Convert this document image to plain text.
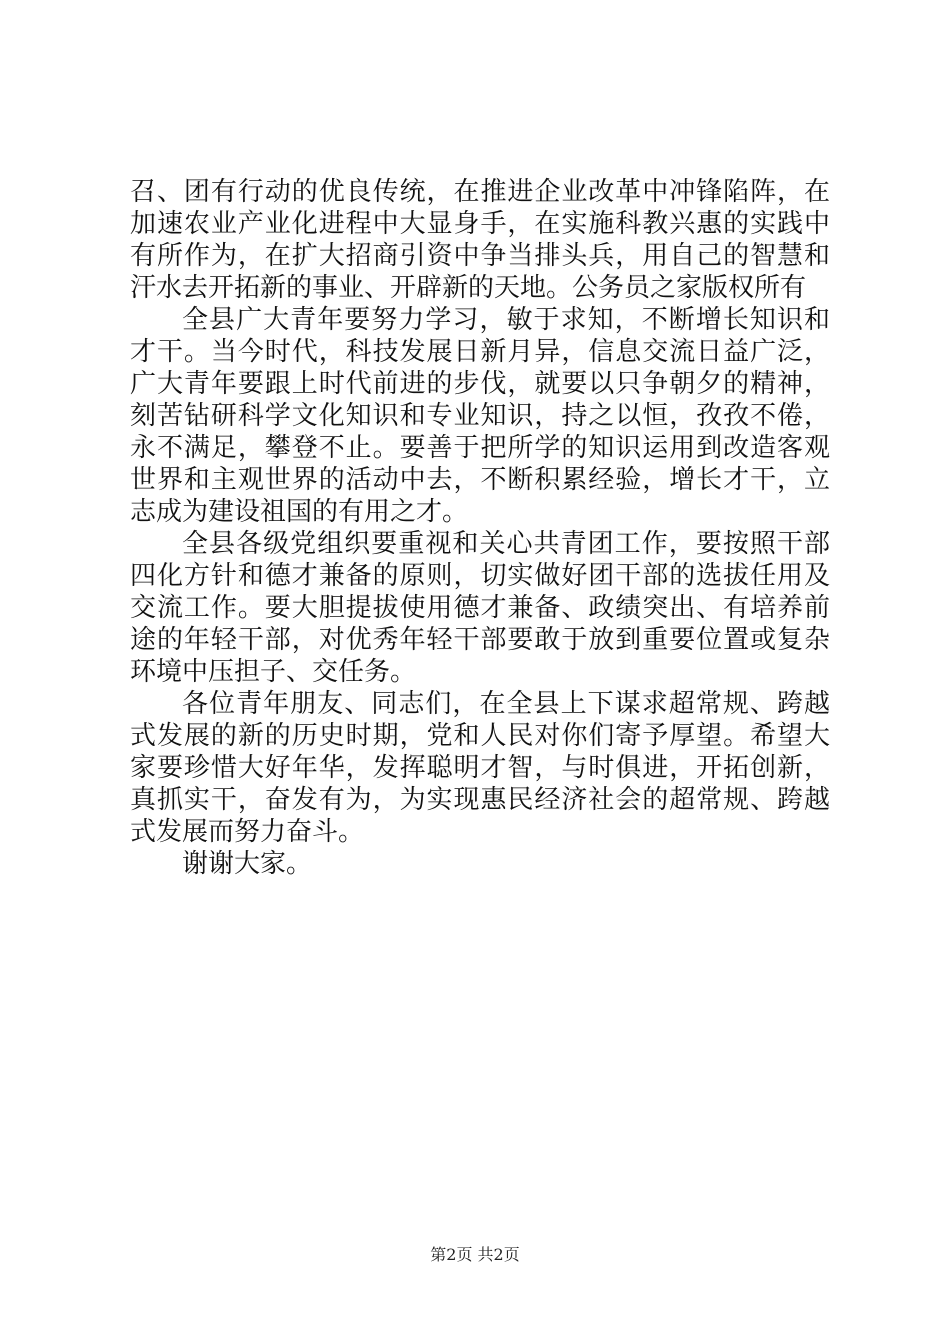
召、团有行动的优良传统，在推进企业改革中冲锋陷阵，在加速农业产业化进程中大显身手，在实施科教兴惠的实践中有所作为，在扩大招商引资中争当排头兵，用自己的智慧和汗水去开拓新的事业、开辟新的天地。公务员之家版权所有

全县广大青年要努力学习，敏于求知，不断增长知识和才干。当今时代，科技发展日新月异，信息交流日益广泛，广大青年要跟上时代前进的步伐，就要以只争朝夕的精神，刻苦钻研科学文化知识和专业知识，持之以恒，孜孜不倦，永不满足，攀登不止。要善于把所学的知识运用到改造客观世界和主观世界的活动中去，不断积累经验，增长才干，立志成为建设祖国的有用之才。

全县各级党组织要重视和关心共青团工作，要按照干部四化方针和德才兼备的原则，切实做好团干部的选拔任用及交流工作。要大胆提拔使用德才兼备、政绩突出、有培养前途的年轻干部，对优秀年轻干部要敢于放到重要位置或复杂环境中压担子、交任务。

各位青年朋友、同志们，在全县上下谋求超常规、跨越式发展的新的历史时期，党和人民对你们寄予厚望。希望大家要珍惜大好年华，发挥聪明才智，与时俱进，开拓创新，真抓实干，奋发有为，为实现惠民经济社会的超常规、跨越式发展而努力奋斗。

谢谢大家。

第2页 共2页
